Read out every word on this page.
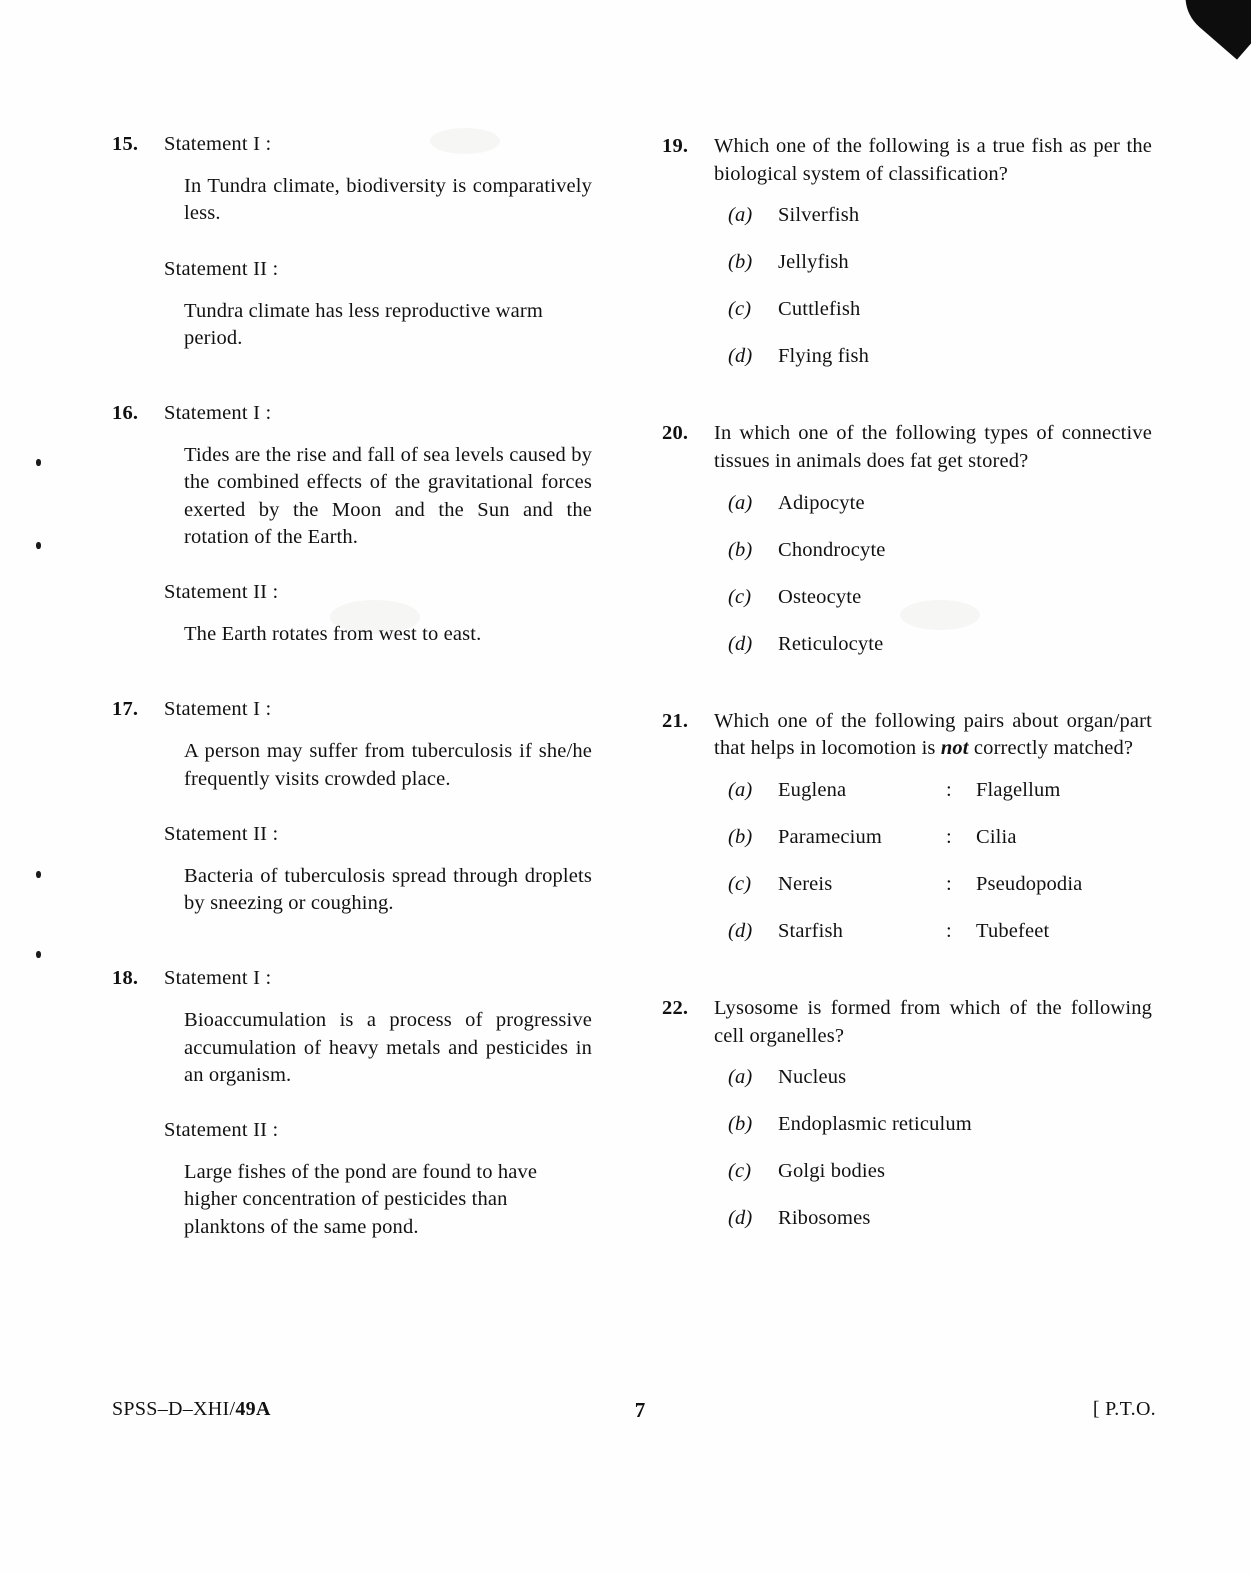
15.	Statement I :
In Tundra climate, biodiversity is comparatively less.
Statement II :
Tundra climate has less reproductive warm period.
16.	Statement I :
Tides are the rise and fall of sea levels caused by the combined effects of the gravitational forces exerted by the Moon and the Sun and the rotation of the Earth.
Statement II :
The Earth rotates from west to east.
17.	Statement I :
A person may suffer from tuberculosis if she/he frequently visits crowded place.
Statement II :
Bacteria of tuberculosis spread through droplets by sneezing or coughing.
18.	Statement I :
Bioaccumulation is a process of progressive accumulation of heavy metals and pesticides in an organism.
Statement II :
Large fishes of the pond are found to have higher concentration of pesticides than planktons of the same pond.
19.	Which one of the following is a true fish as per the biological system of classification?
(a)	Silverfish
(b)	Jellyfish
(c)	Cuttlefish
(d)	Flying fish
20.	In which one of the following types of connective tissues in animals does fat get stored?
(a)	Adipocyte
(b)	Chondrocyte
(c)	Osteocyte
(d)	Reticulocyte
21.	Which one of the following pairs about organ/part that helps in locomotion is not correctly matched?
(a)	Euglena	:	Flagellum
(b)	Paramecium	:	Cilia
(c)	Nereis	:	Pseudopodia
(d)	Starfish	:	Tubefeet
22.	Lysosome is formed from which of the following cell organelles?
(a)	Nucleus
(b)	Endoplasmic reticulum
(c)	Golgi bodies
(d)	Ribosomes
SPSS–D–XHI/49A	7	[ P.T.O.
